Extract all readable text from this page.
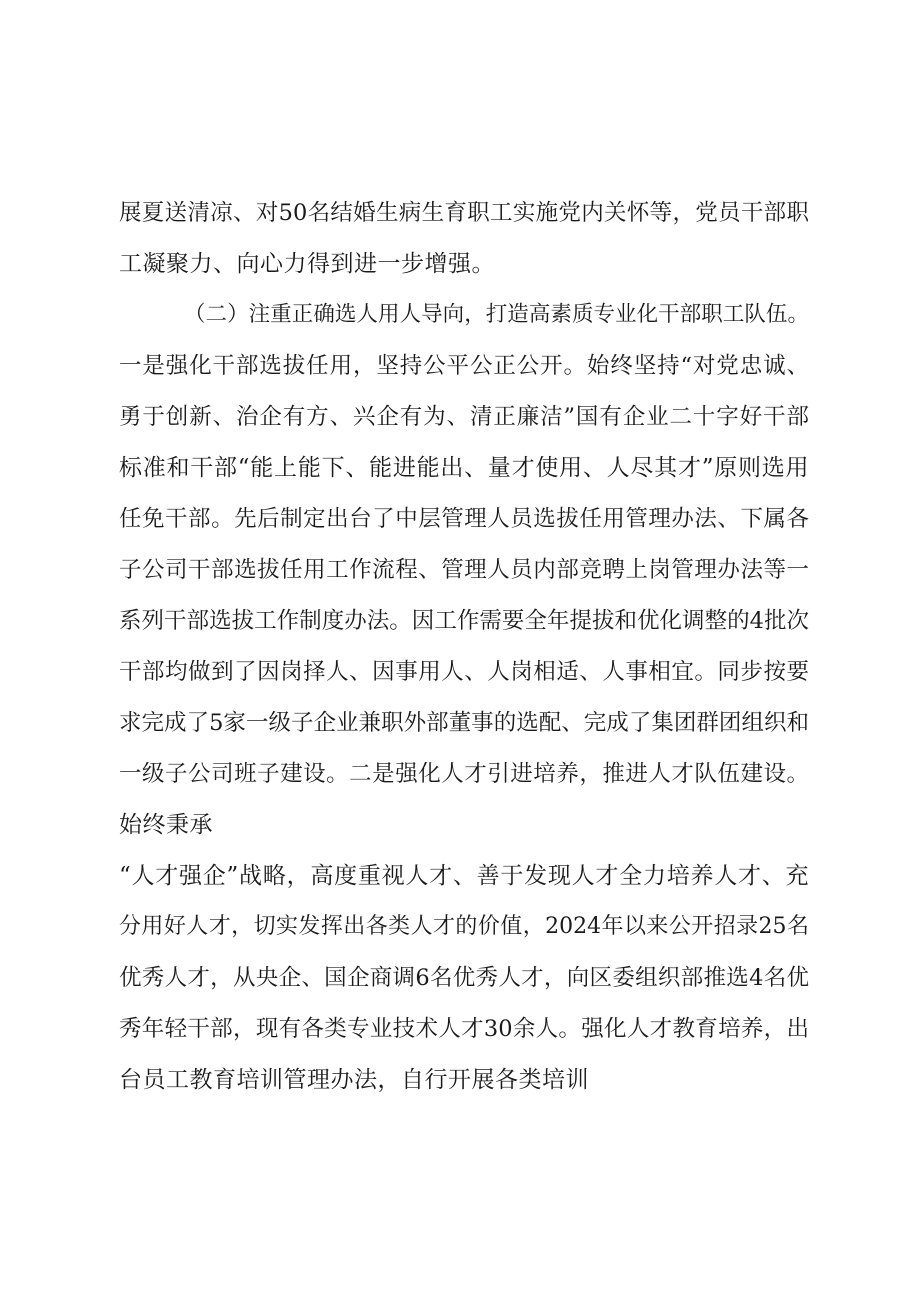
展夏送清凉、对50名结婚生病生育职工实施党内关怀等，党员干部职
工凝聚力、向心力得到进一步增强。
（二）注重正确选人用人导向，打造高素质专业化干部职工队伍。
一是强化干部选拔任用，坚持公平公正公开。始终坚持“对党忠诚、
勇于创新、治企有方、兴企有为、清正廉洁”国有企业二十字好干部
标准和干部“能上能下、能进能出、量才使用、人尽其才”原则选用
任免干部。先后制定出台了中层管理人员选拔任用管理办法、下属各
子公司干部选拔任用工作流程、管理人员内部竞聘上岗管理办法等一
系列干部选拔工作制度办法。因工作需要全年提拔和优化调整的4批次
干部均做到了因岗择人、因事用人、人岗相适、人事相宜。同步按要
求完成了5家一级子企业兼职外部董事的选配、完成了集团群团组织和
一级子公司班子建设。二是强化人才引进培养，推进人才队伍建设。
始终秉承
“人才强企”战略，高度重视人才、善于发现人才全力培养人才、充
分用好人才，切实发挥出各类人才的价值，2024年以来公开招录25名
优秀人才，从央企、国企商调6名优秀人才，向区委组织部推选4名优
秀年轻干部，现有各类专业技术人才30余人。强化人才教育培养，出
台员工教育培训管理办法，自行开展各类培训
